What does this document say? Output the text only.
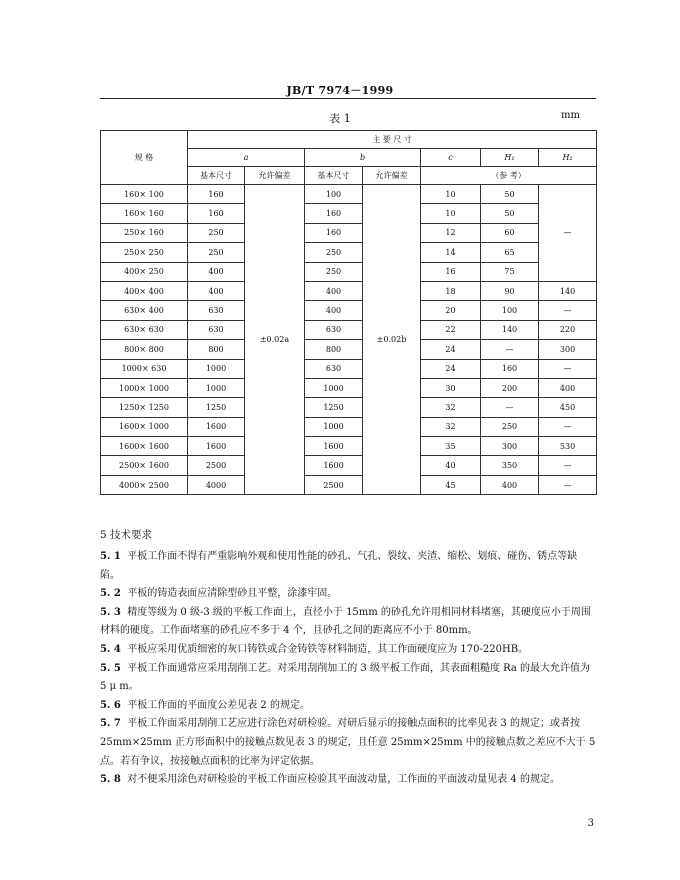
JB/T 7974－1999
表 1	mm
规 格	主 要 尺 寸						
	a		b		c	H₁	H₂
	基本尺寸	允许偏差	基本尺寸	允许偏差	（参 考）		
160× 100	160	±0.02a	100	±0.02b	10	50	—
160× 160	160		160		10	50	
250× 160	250		160		12	60	
250× 250	250		250		14	65	
400× 250	400		250		16	75	
400× 400	400		400		18	90	140
630× 400	630		400		20	100	—
630× 630	630		630		22	140	220
800× 800	800		800		24	—	300
1000× 630	1000		630		24	160	—
1000× 1000	1000		1000		30	200	400
1250× 1250	1250		1250		32	—	450
1600× 1000	1600		1000		32	250	—
1600× 1600	1600		1600		35	300	530
2500× 1600	2500		1600		40	350	—
4000× 2500	4000		2500		45	400	—
5 技术要求

5. 1 平板工作面不得有严重影响外观和使用性能的砂孔、气孔、裂纹、夹渣、缩松、划痕、碰伤、锈点等缺陷。

5. 2 平板的铸造表面应清除型砂且平整，涂漆牢固。

5. 3 精度等级为 0 级-3 级的平板工作面上，直径小于 15mm 的砂孔允许用相同材料堵塞，其硬度应小于周围材料的硬度。工作面堵塞的砂孔应不多于 4 个，且砂孔之间的距离应不小于 80mm。

5. 4 平板应采用优质细密的灰口铸铁或合金铸铁等材料制造，其工作面硬度应为 170-220HB。

5. 5 平板工作面通常应采用刮削工艺。对采用刮削加工的 3 级平板工作面，其表面粗糙度 Ra 的最大允许值为 5 μ m。

5. 6 平板工作面的平面度公差见表 2 的规定。

5. 7 平板工作面采用刮削工艺应进行涂色对研检验。对研后显示的接触点面积的比率见表 3 的规定；或者按 25mm×25mm 正方形面积中的接触点数见表 3 的规定，且任意 25mm×25mm 中的接触点数之差应不大于 5 点。若有争议，按接触点面积的比率为评定依据。

5. 8 对不便采用涂色对研检验的平板工作面应检验其平面波动量，工作面的平面波动量见表 4 的规定。

3
